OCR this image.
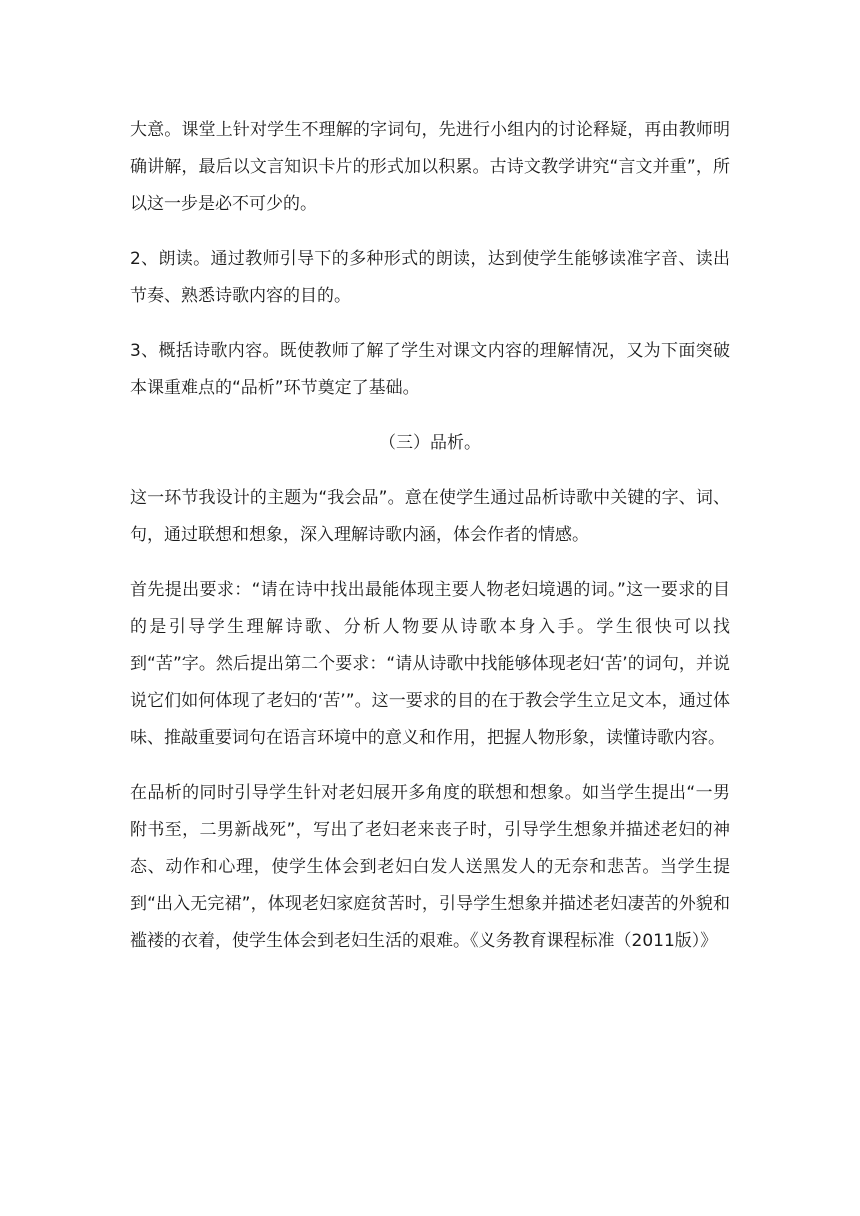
大意。课堂上针对学生不理解的字词句，先进行小组内的讨论释疑，再由教师明确讲解，最后以文言知识卡片的形式加以积累。古诗文教学讲究“言文并重”，所以这一步是必不可少的。

2、朗读。通过教师引导下的多种形式的朗读，达到使学生能够读准字音、读出节奏、熟悉诗歌内容的目的。

3、概括诗歌内容。既使教师了解了学生对课文内容的理解情况，又为下面突破本课重难点的“品析”环节奠定了基础。

（三）品析。

这一环节我设计的主题为“我会品”。意在使学生通过品析诗歌中关键的字、词、句，通过联想和想象，深入理解诗歌内涵，体会作者的情感。

首先提出要求：“请在诗中找出最能体现主要人物老妇境遇的词。”这一要求的目的是引导学生理解诗歌、分析人物要从诗歌本身入手。学生很快可以找到“苦”字。然后提出第二个要求：“请从诗歌中找能够体现老妇‘苦’的词句，并说说它们如何体现了老妇的‘苦’”。这一要求的目的在于教会学生立足文本，通过体味、推敲重要词句在语言环境中的意义和作用，把握人物形象，读懂诗歌内容。

在品析的同时引导学生针对老妇展开多角度的联想和想象。如当学生提出“一男附书至，二男新战死”，写出了老妇老来丧子时，引导学生想象并描述老妇的神态、动作和心理，使学生体会到老妇白发人送黑发人的无奈和悲苦。当学生提到“出入无完裙”，体现老妇家庭贫苦时，引导学生想象并描述老妇凄苦的外貌和褴褛的衣着，使学生体会到老妇生活的艰难。《义务教育课程标准（2011版）》
